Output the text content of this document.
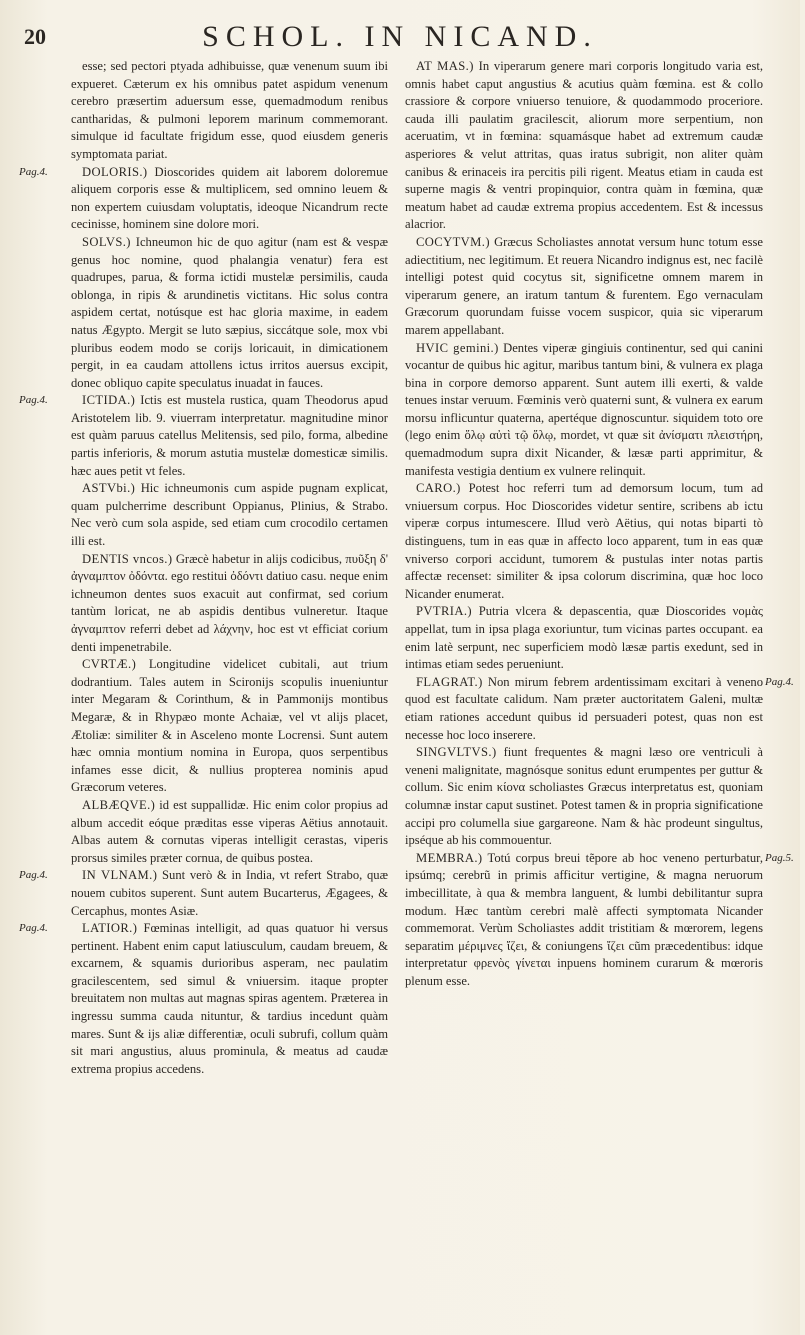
20	SCHOL. IN NICAND.

esse; sed pectori ptyada adhibuisse, quæ venenum suum ibi expueret. Cæterum ex his omnibus patet aspidum venenum cerebro præsertim aduersum esse, quemadmodum renibus cantharidas, & pulmoni leporem marinum commemorant. simulque id facultate frigidum esse, quod eiusdem generis symptomata pariat.

Pag.4.	DOLORIS.) Dioscorides quidem ait laborem doloremue aliquem corporis esse & multiplicem, sed omnino leuem & non expertem cuiusdam voluptatis, ideoque Nicandrum recte cecinisse, hominem sine dolore mori.

SOLVS.) Ichneumon hic de quo agitur (nam est & vespæ genus hoc nomine, quod phalangia venatur) fera est quadrupes, parua, & forma ictidi mustelæ persimilis, cauda oblonga, in ripis & arundinetis victitans. Hic solus contra aspidem certat, notúsque est hac gloria maxime, in eadem natus Ægypto. Mergit se luto sæpius, siccátque sole, mox vbi pluribus eodem modo se corijs loricauit, in dimicationem pergit, in ea caudam attollens ictus irritos auersus excipit, donec obliquo capite speculatus inuadat in fauces.

Pag.4.	ICTIDA.) Ictis est mustela rustica, quam Theodorus apud Aristotelem lib. 9. viuerram interpretatur. magnitudine minor est quàm paruus catellus Melitensis, sed pilo, forma, albedine partis inferioris, & morum astutia mustelæ domesticæ similis. hæc aues petit vt feles.

ASTVbi.) Hic ichneumonis cum aspide pugnam explicat, quam pulcherrime describunt Oppianus, Plinius, & Strabo. Nec verò cum sola aspide, sed etiam cum crocodilo certamen illi est.

DENTIS vncos.) Græcè habetur in alijs codicibus, πυῦξη δ' ἀγναμπτον ὀδόντα. ego restitui ὀδόντι datiuo casu. neque enim ichneumon dentes suos exacuit aut confirmat, sed corium tantùm loricat, ne ab aspidis dentibus vulneretur. Itaque ἀγναμπτον referri debet ad λάχνην, hoc est vt efficiat corium denti impenetrabile.

CVRTÆ.) Longitudine videlicet cubitali, aut trium dodrantium. Tales autem in Scironijs scopulis inueniuntur inter Megaram & Corinthum, & in Pammonijs montibus Megaræ, & in Rhypæo monte Achaiæ, vel vt alijs placet, Ætoliæ: similiter & in Asceleno monte Locrensi. Sunt autem hæc omnia montium nomina in Europa, quos serpentibus infames esse dicit, & nullius propterea nominis apud Græcorum veteres.

ALBÆQVE.) id est suppallidæ. Hic enim color propius ad album accedit eóque præditas esse viperas Aëtius annotauit. Albas autem & cornutas viperas intelligit cerastas, viperis prorsus similes præter cornua, de quibus postea.

Pag.4.	IN VLNAM.) Sunt verò & in India, vt refert Strabo, quæ nouem cubitos superent. Sunt autem Bucarterus, Ægagees, & Cercaphus, montes Asiæ.

Pag.4.	LATIOR.) Fœminas intelligit, ad quas quatuor hi versus pertinent. Habent enim caput latiusculum, caudam breuem, & excarnem, & squamis durioribus asperam, nec paulatim gracilescentem, sed simul & vniuersim. itaque propter breuitatem non multas aut magnas spiras agentem. Præterea in ingressu summa cauda nituntur, & tardius incedunt quàm mares. Sunt & ijs aliæ differentiæ, oculi subrufi, collum quàm sit mari angustius, aluus prominula, & meatus ad caudæ extrema propius accedens.

AT MAS.) In viperarum genere mari corporis longitudo varia est, omnis habet caput angustius & acutius quàm fœmina. est & collo crassiore & corpore vniuerso tenuiore, & quodammodo proceriore. cauda illi paulatim gracilescit, aliorum more serpentium, non aceruatim, vt in fœmina: squamásque habet ad extremum caudæ asperiores & velut attritas, quas iratus subrigit, non aliter quàm canibus & erinaceis ira percitis pili rigent. Meatus etiam in cauda est superne magis & ventri propinquior, contra quàm in fœmina, quæ meatum habet ad caudæ extrema propius accedentem. Est & incessus alacrior.

COCYTVM.) Græcus Scholiastes annotat versum hunc totum esse adiectitium, nec legitimum. Et reuera Nicandro indignus est, nec facilè intelligi potest quid cocytus sit, significetne omnem marem in viperarum genere, an iratum tantum & furentem. Ego vernaculam Græcorum quorundam fuisse vocem suspicor, quia sic viperarum marem appellabant.

HVIC gemini.) Dentes viperæ gingiuis continentur, sed qui canini vocantur de quibus hic agitur, maribus tantum bini, & vulnera ex plaga bina in corpore demorso apparent. Sunt autem illi exerti, & valde tenues instar veruum. Fœminis verò quaterni sunt, & vulnera ex earum morsu inflicuntur quaterna, apertéque dignoscuntur. siquidem toto ore (lego enim ὅλῳ αὐτὶ τῷ ὅλῳ, mordet, vt quæ sit ἀνίσματι πλειστήρη, quemadmodum supra dixit Nicander, & læsæ parti apprimitur, & manifesta vestigia dentium ex vulnere relinquit.

CARO.) Potest hoc referri tum ad demorsum locum, tum ad vniuersum corpus. Hoc Dioscorides videtur sentire, scribens ab ictu viperæ corpus intumescere. Illud verò Aëtius, qui notas biparti tò distinguens, tum in eas quæ in affecto loco apparent, tum in eas quæ vniverso corpori accidunt, tumorem & pustulas inter notas partis affectæ recenset: similiter & ipsa colorum discrimina, quæ hoc loco Nicander enumerat.

PVTRIA.) Putria vlcera & depascentia, quæ Dioscorides νομὰς appellat, tum in ipsa plaga exoriuntur, tum vicinas partes occupant. ea enim latè serpunt, nec superficiem modò læsæ partis exedunt, sed in intimas etiam sedes perueniunt.

Pag.4.
FLAGRAT.) Non mirum febrem ardentissimam excitari à veneno quod est facultate calidum. Nam præter auctoritatem Galeni, multæ etiam rationes accedunt quibus id persuaderi potest, quas non est necesse hoc loco inserere.

SINGVLTVS.) fiunt frequentes & magni læso ore ventriculi à veneni malignitate, magnósque sonitus edunt erumpentes per guttur & collum. Sic enim κίονα scholiastes Græcus interpretatus est, quoniam columnæ instar caput sustinet. Potest tamen & in propria significatione accipi pro columella siue gargareone. Nam & hàc prodeunt singultus, ipséque ab his commouentur.

Pag.5.
MEMBRA.) Totú corpus breui tẽpore ab hoc veneno perturbatur, ipsúmq; cerebrũ in primis afficitur vertigine, & magna neruorum imbecillitate, à qua & membra languent, & lumbi debilitantur supra modum. Hæc tantùm cerebri malè affecti symptomata Nicander commemorat. Verùm Scholiastes addit tristitiam & mœrorem, legens separatim μέριμνες ἴζει, & coniungens ἴζει cũm præcedentibus: idque interpretatur φρενὸς γίνεται inpuens hominem curarum & mœroris plenum esse.
